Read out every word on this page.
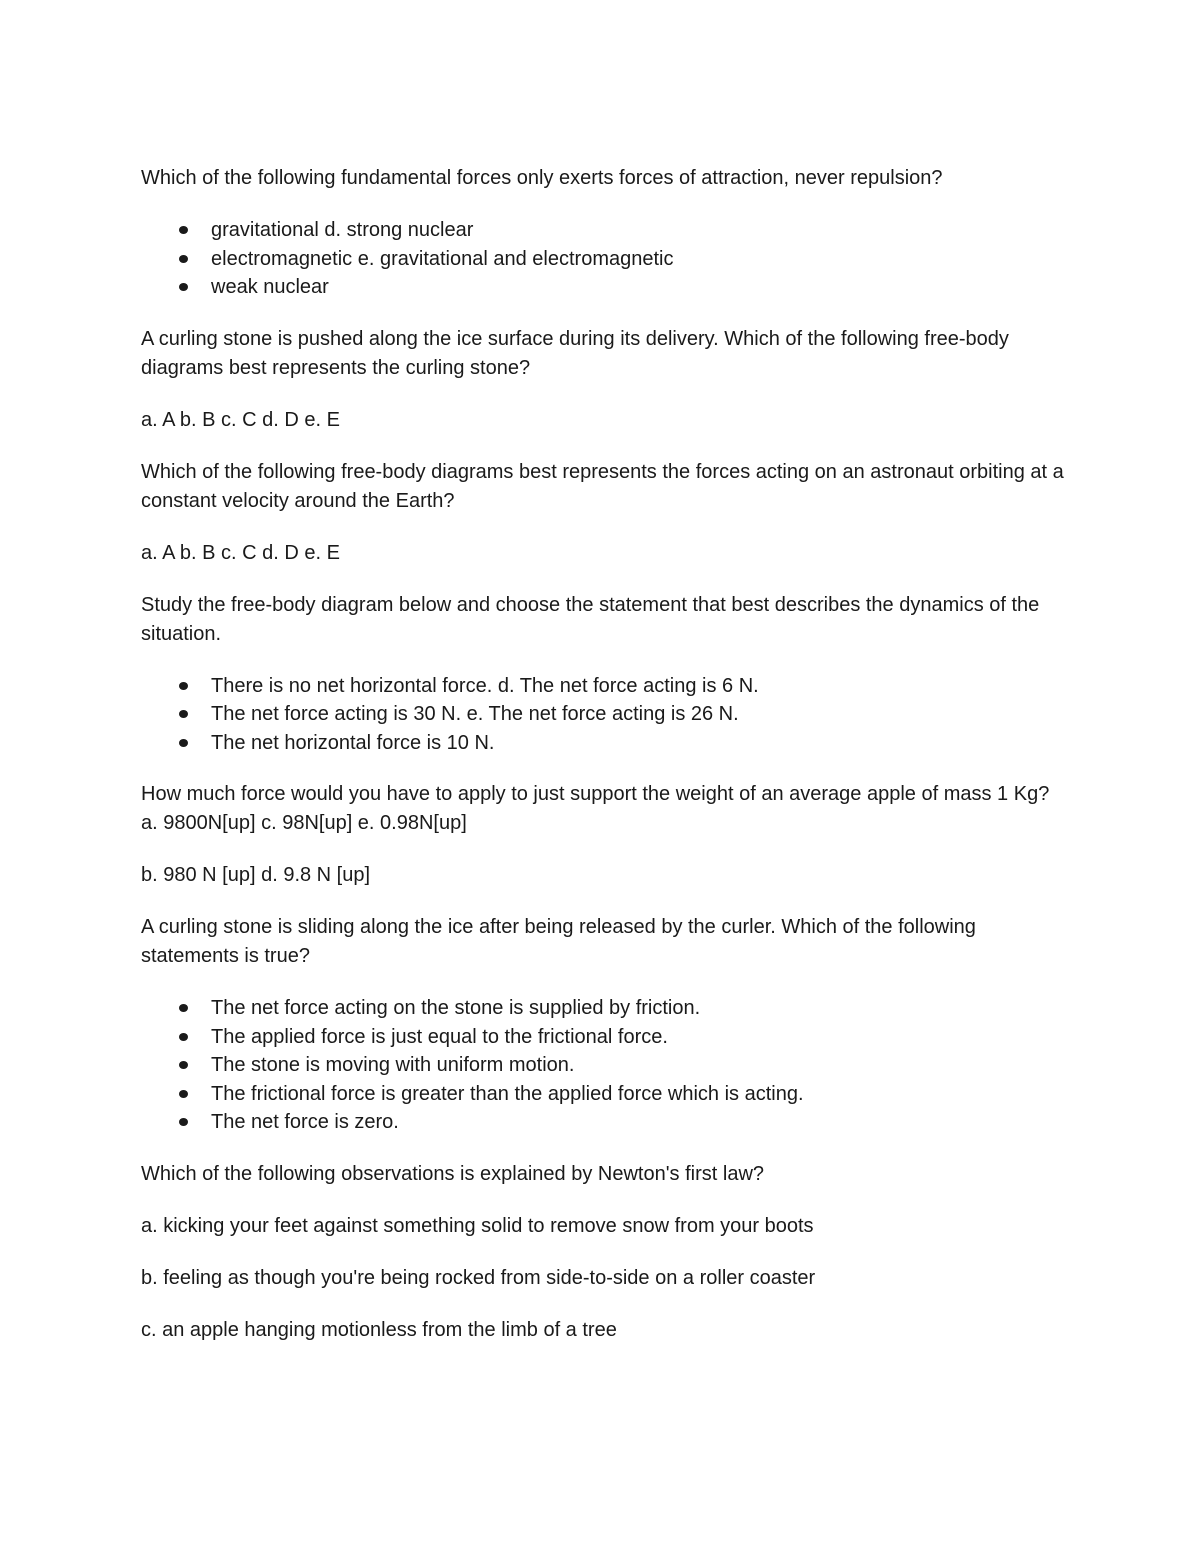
Which of the following fundamental forces only exerts forces of attraction, never repulsion?

gravitational d. strong nuclear
electromagnetic e. gravitational and electromagnetic
weak nuclear

A curling stone is pushed along the ice surface during its delivery. Which of the following free-body diagrams best represents the curling stone?

a. A b. B c. C d. D e. E

Which of the following free-body diagrams best represents the forces acting on an astronaut orbiting at a constant velocity around the Earth?

a. A b. B c. C d. D e. E

Study the free-body diagram below and choose the statement that best describes the dynamics of the situation.

There is no net horizontal force. d. The net force acting is 6 N.
The net force acting is 30 N. e. The net force acting is 26 N.
The net horizontal force is 10 N.

How much force would you have to apply to just support the weight of an average apple of mass 1 Kg? a. 9800N[up] c. 98N[up] e. 0.98N[up]

b. 980 N [up] d. 9.8 N [up]

A curling stone is sliding along the ice after being released by the curler. Which of the following statements is true?

The net force acting on the stone is supplied by friction.
The applied force is just equal to the frictional force.
The stone is moving with uniform motion.
The frictional force is greater than the applied force which is acting.
The net force is zero.

Which of the following observations is explained by Newton's first law?

a. kicking your feet against something solid to remove snow from your boots

b. feeling as though you're being rocked from side-to-side on a roller coaster

c. an apple hanging motionless from the limb of a tree
